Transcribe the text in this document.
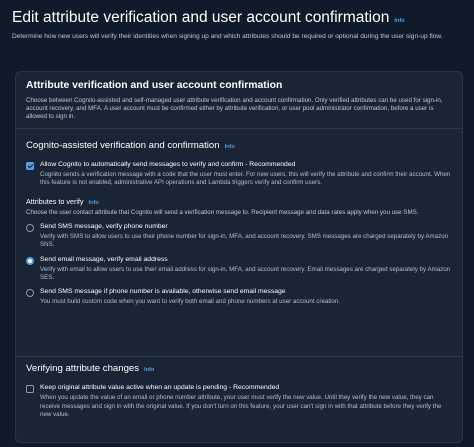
Edit attribute verification and user account confirmation Info

Determine how new users will verify their identities when signing up and which attributes should be required or optional during the user sign-up flow.

Attribute verification and user account confirmation
Choose between Cognito-assisted and self-managed user attribute verification and account confirmation. Only verified attributes can be used for sign-in, account recovery, and MFA. A user account must be confirmed either by attribute verification, or user pool administrator confirmation, before a user is allowed to sign in.
Cognito-assisted verification and confirmation Info
Allow Cognito to automatically send messages to verify and confirm - Recommended
Cognito sends a verification message with a code that the user must enter. For new users, this will verify the attribute and confirm their account. When this feature is not enabled, administrative API operations and Lambda triggers verify and confirm users.
Attributes to verify Info
Choose the user contact attribute that Cognito will send a verification message to. Recipient message and data rates apply when you use SMS.
Send SMS message, verify phone number
Verify with SMS to allow users to use their phone number for sign-in, MFA, and account recovery. SMS messages are charged separately by Amazon SNS.
Send email message, verify email address
Verify with email to allow users to use their email address for sign-in, MFA, and account recovery. Email messages are charged separately by Amazon SES.
Send SMS message if phone number is available, otherwise send email message
You must build custom code when you want to verify both email and phone numbers at user account creation.
Verifying attribute changes Info
Keep original attribute value active when an update is pending - Recommended
When you update the value of an email or phone number attribute, your user must verify the new value. Until they verify the new value, they can receive messages and sign in with the original value. If you don't turn on this feature, your user can't sign in with that attribute before they verify the new value.
